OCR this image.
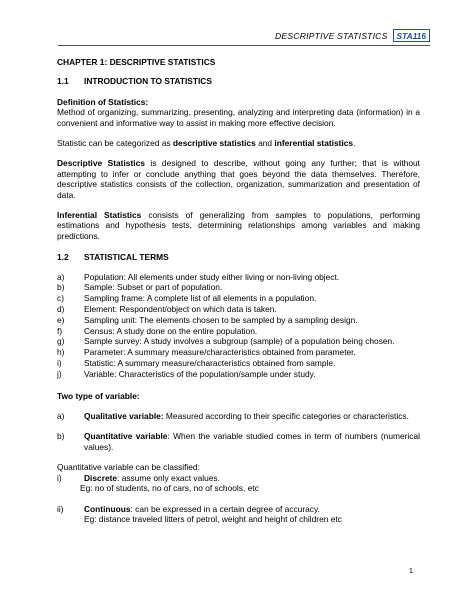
DESCRIPTIVE STATISTICS	STA116

CHAPTER 1: DESCRIPTIVE STATISTICS

1.1	INTRODUCTION TO STATISTICS

Definition of Statistics:

Method of organizing, summarizing, presenting, analyzing and interpreting data (information) in a convenient and informative way to assist in making more effective decision.

Statistic can be categorized as descriptive statistics and inferential statistics.

Descriptive Statistics is designed to describe, without going any further; that is without attempting to infer or conclude anything that goes beyond the data themselves. Therefore, descriptive statistics consists of the collection, organization, summarization and presentation of data.

Inferential Statistics consists of generalizing from samples to populations, performing estimations and hypothesis tests, determining relationships among variables and making predictions.

1.2	STATISTICAL TERMS

a)	Population: All elements under study either living or non-living object.
b)	Sample: Subset or part of population.
c)	Sampling frame: A complete list of all elements in a population.
d)	Element: Respondent/object on which data is taken.
e)	Sampling unit: The elements chosen to be sampled by a sampling design.
f)	Census: A study done on the entire population.
g)	Sample survey: A study involves a subgroup (sample) of a population being chosen.
h)	Parameter: A summary measure/characteristics obtained from parameter.
i)	Statistic: A summary measure/characteristics obtained from sample.
j)	Variable: Characteristics of the population/sample under study.

Two type of variable:

a)	Qualitative variable: Measured according to their specific categories or characteristics.
b)	Quantitative variable: When the variable studied comes in term of numbers (numerical values).

Quantitative variable can be classified:

i)	Discrete: assume only exact values.
Eg: no of students, no of cars, no of schools, etc
ii)	Continuous: can be expressed in a certain degree of accuracy.
Eg: distance traveled litters of petrol, weight and height of children etc
1
